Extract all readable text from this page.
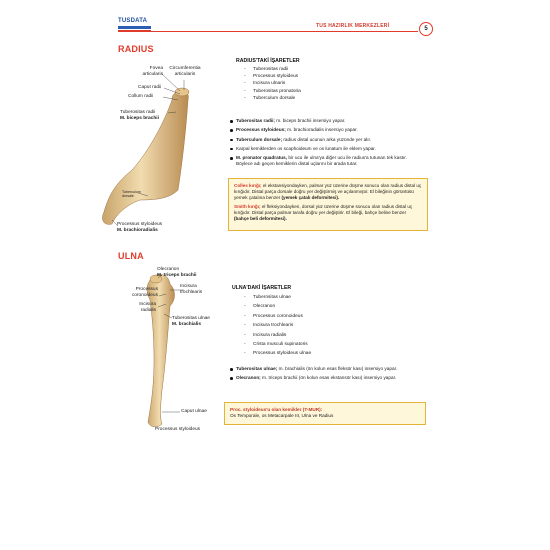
TUSDATA
TUS HAZIRLIK MERKEZLERİ	5
RADIUS
Fovea
articularis
Circumferentia
articularis
Caput radii
Collum radii
Tuberositas radii
M. biceps brachii
Tuberculum
dorsale
Processus styloideus
M. brachioradialis
RADIUS'TAKİ İŞARETLER
- Tuberositas radii
- Processus styloideus
- Incisura ulnaris
- Tuberositas pronatoria
- Tuberculum dorsale
Tuberositas radii; m. biceps brachii insersiyo yapar.
Processus styloideus; m. brachioradialis insersiyo yapar.
Tuberculum dorsale; radius distal ucunun arka yüzünde yer alır.
Karpal kemiklerden os scaphoideum ve os lunatum ile eklem yapar.
M. pronator quadratus, bir ucu ile ulna'ya diğer ucu ile radius'a tutunan tek kastır. Böylece adı geçen kemiklerin distal uçlarını bir arada tutar.

Colles kırığı; el ekstansiyondayken, palmar yüz üzerine düşme sonucu olan radius distal uç kırığıdır. Distal parça dorsale doğru yer değiştirmiş ve açılanmıştır. El bileğinin görüntüsü yemek çatalına benzer (yemek çatalı deformitesi).

Smith kırığı; el fleksiyondayken, dorsal yüz üzerine düşme sonucu olan radius distal uç kırığıdır. Distal parça palmar tarafa doğru yer değiştirir. El bileği, bahçe beline benzer (bahçe beli deformitesi).

ULNA
Olecranon
M. triceps brachii
Processus
coronoideus
Incisura
trochlearis
Incisura
radialis
Tuberositas ulnae
M. brachialis
Caput ulnae
Processus styloideus
ULNA'DAKİ İŞARETLER
- Tuberositas ulnae
- Olecranon
- Processus coronoideus
- Incisura trochlearis
- Incisura radialis
- Crista musculi supinatoris
- Processus styloideus ulnae
Tuberositas ulnae; m. brachialis (ön kolun esas fleksör kası) insersiyo yapar.
Olecranon; m. triceps brachii (ön kolun esas ekstansör kası) insersiyo yapar.
Proc. styloideus'u olan kemikler (T-MUR):
Os Temporale, os Metacarpale III, Ulna ve Radius
